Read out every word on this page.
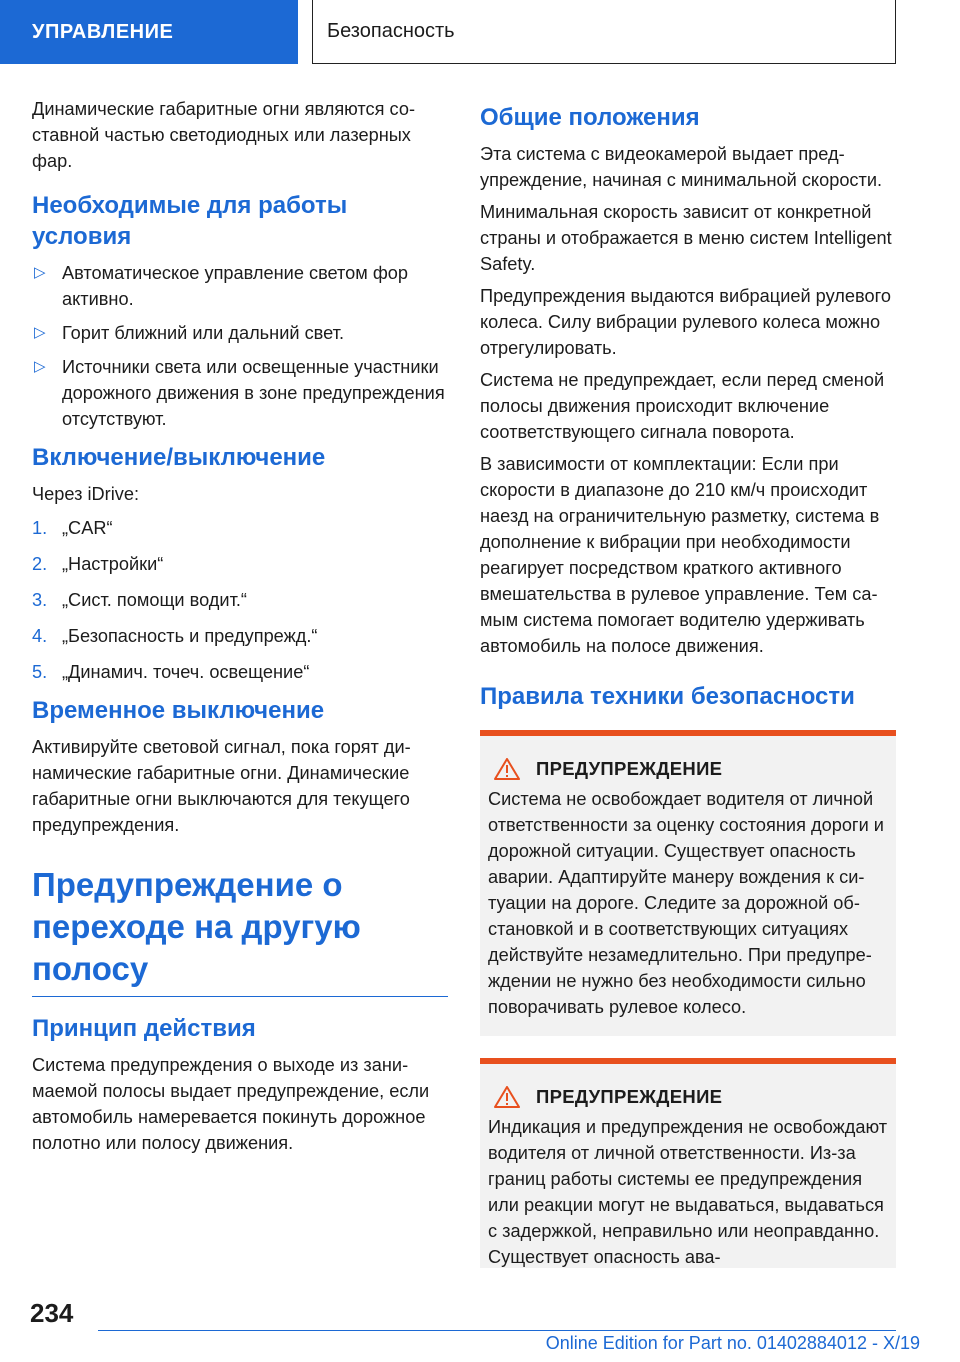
УПРАВЛЕНИЕ	Безопасность

Динамические габаритные огни являются составной частью светодиодных или лазерных фар.

Необходимые для работы условия
▷ Автоматическое управление светом фор активно.
▷ Горит ближний или дальний свет.
▷ Источники света или освещенные участники дорожного движения в зоне предупреждения отсутствуют.
Включение/выключение

Через iDrive:

1. „CAR“
2. „Настройки“
3. „Сист. помощи водит.“
4. „Безопасность и предупрежд.“
5. „Динамич. точеч. освещение“
Временное выключение

Активируйте световой сигнал, пока горят динамические габаритные огни. Динамические габаритные огни выключаются для текущего предупреждения.

Предупреждение о переходе на другую полосу
Принцип действия

Система предупреждения о выходе из занимаемой полосы выдает предупреждение, если автомобиль намеревается покинуть дорожное полотно или полосу движения.

Общие положения

Эта система с видеокамерой выдает предупреждение, начиная с минимальной скорости.

Минимальная скорость зависит от конкретной страны и отображается в меню систем Intelligent Safety.

Предупреждения выдаются вибрацией рулевого колеса. Силу вибрации рулевого колеса можно отрегулировать.

Система не предупреждает, если перед сменой полосы движения происходит включение соответствующего сигнала поворота.

В зависимости от комплектации: Если при скорости в диапазоне до 210 км/ч происходит наезд на ограничительную разметку, система в дополнение к вибрации при необходимости реагирует посредством краткого активного вмешательства в рулевое управление. Тем самым система помогает водителю удерживать автомобиль на полосе движения.

Правила техники безопасности
ПРЕДУПРЕЖДЕНИЕ

Система не освобождает водителя от личной ответственности за оценку состояния дороги и дорожной ситуации. Существует опасность аварии. Адаптируйте манеру вождения к ситуации на дороге. Следите за дорожной обстановкой и в соответствующих ситуациях действуйте незамедлительно. При предупреждении не нужно без необходимости сильно поворачивать рулевое колесо.

ПРЕДУПРЕЖДЕНИЕ

Индикация и предупреждения не освобождают водителя от личной ответственности. Из-за границ работы системы ее предупреждения или реакции могут не выдаваться, выдаваться с задержкой, неправильно или неоправданно. Существует опасность ава-

234
Online Edition for Part no. 01402884012 - X/19
